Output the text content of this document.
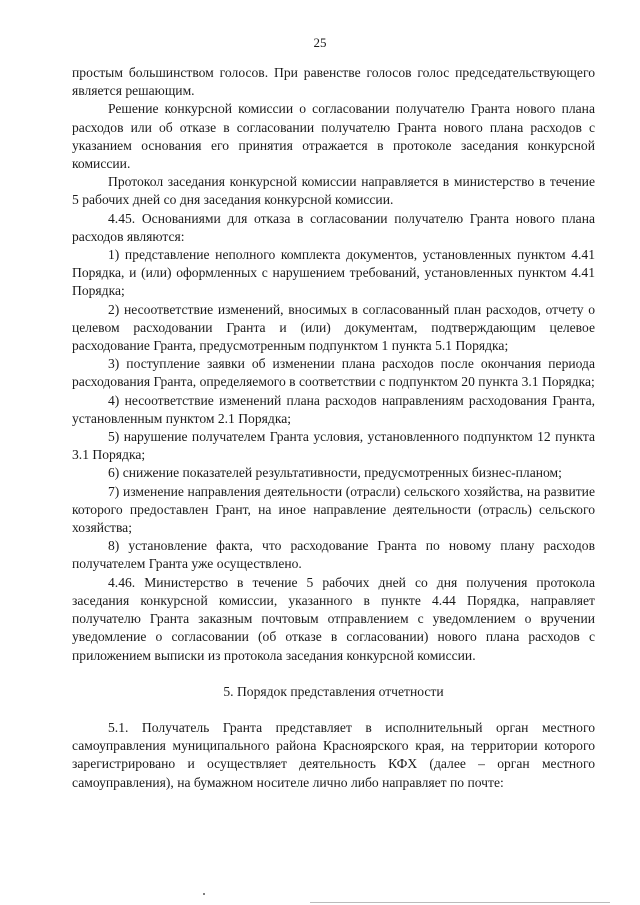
25

простым большинством голосов. При равенстве голосов голос председательствующего является решающим.

Решение конкурсной комиссии о согласовании получателю Гранта нового плана расходов или об отказе в согласовании получателю Гранта нового плана расходов с указанием основания его принятия отражается в протоколе заседания конкурсной комиссии.

Протокол заседания конкурсной комиссии направляется в министерство в течение 5 рабочих дней со дня заседания конкурсной комиссии.

4.45. Основаниями для отказа в согласовании получателю Гранта нового плана расходов являются:

1) представление неполного комплекта документов, установленных пунктом 4.41 Порядка, и (или) оформленных с нарушением требований, установленных пунктом 4.41 Порядка;

2) несоответствие изменений, вносимых в согласованный план расходов, отчету о целевом расходовании Гранта и (или) документам, подтверждающим целевое расходование Гранта, предусмотренным подпунктом 1 пункта 5.1 Порядка;

3) поступление заявки об изменении плана расходов после окончания периода расходования Гранта, определяемого в соответствии с подпунктом 20 пункта 3.1 Порядка;

4) несоответствие изменений плана расходов направлениям расходования Гранта, установленным пунктом 2.1 Порядка;

5) нарушение получателем Гранта условия, установленного подпунктом 12 пункта 3.1 Порядка;

6) снижение показателей результативности, предусмотренных бизнес-планом;

7) изменение направления деятельности (отрасли) сельского хозяйства, на развитие которого предоставлен Грант, на иное направление деятельности (отрасль) сельского хозяйства;

8) установление факта, что расходование Гранта по новому плану расходов получателем Гранта уже осуществлено.

4.46. Министерство в течение 5 рабочих дней со дня получения протокола заседания конкурсной комиссии, указанного в пункте 4.44 Порядка, направляет получателю Гранта заказным почтовым отправлением с уведомлением о вручении уведомление о согласовании (об отказе в согласовании) нового плана расходов с приложением выписки из протокола заседания конкурсной комиссии.

5. Порядок представления отчетности

5.1. Получатель Гранта представляет в исполнительный орган местного самоуправления муниципального района Красноярского края, на территории которого зарегистрировано и осуществляет деятельность КФХ (далее – орган местного самоуправления), на бумажном носителе лично либо направляет по почте:
